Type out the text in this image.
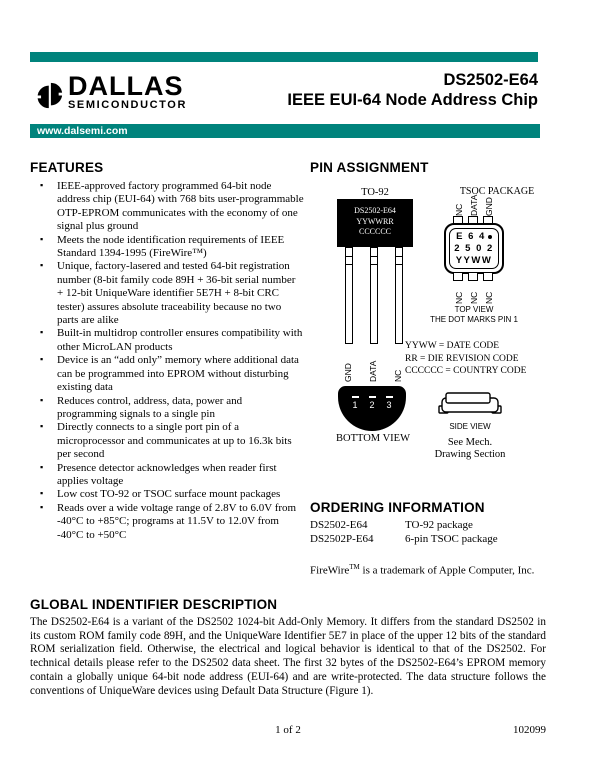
DALLAS
SEMICONDUCTOR
DS2502-E64
IEEE EUI-64 Node Address Chip
www.dalsemi.com
FEATURES
▪ IEEE-approved factory programmed 64-bit node address chip (EUI-64) with 768 bits user-programmable OTP-EPROM communicates with the economy of one signal plus ground
▪ Meets the node identification requirements of IEEE Standard 1394-1995 (FireWire™)
▪ Unique, factory-lasered and tested 64-bit registration number (8-bit family code 89H + 36-bit serial number + 12-bit UniqueWare identifier 5E7H + 8-bit CRC tester) assures absolute traceability because no two parts are alike
▪ Built-in multidrop controller ensures compatibility with other MicroLAN products
▪ Device is an “add only” memory where additional data can be programmed into EPROM without disturbing existing data
▪ Reduces control, address, data, power and programming signals to a single pin
▪ Directly connects to a single port pin of a microprocessor and communicates at up to 16.3k bits per second
▪ Presence detector acknowledges when reader first applies voltage
▪ Low cost TO-92 or TSOC surface mount packages
▪ Reads over a wide voltage range of 2.8V to 6.0V from -40°C to +85°C; programs at 11.5V to 12.0V from -40°C to +50°C
PIN ASSIGNMENT
TO-92
DS2502-E64
YYWWRR
CCCCCC
GND DATA NC
TSOC PACKAGE
NC DATA GND
E 6 4
2 5 0 2
YYWW
NC NC NC
TOP VIEW
THE DOT MARKS PIN 1
YYWW = DATE CODE
RR = DIE REVISION CODE
CCCCCC = COUNTRY CODE
1 2 3
BOTTOM VIEW
SIDE VIEW
See Mech.
Drawing Section
ORDERING INFORMATION
DS2502-E64	TO-92 package
DS2502P-E64	6-pin TSOC package

FireWire™ is a trademark of Apple Computer, Inc.

GLOBAL INDENTIFIER DESCRIPTION

The DS2502-E64 is a variant of the DS2502 1024-bit Add-Only Memory. It differs from the standard DS2502 in its custom ROM family code 89H, and the UniqueWare Identifier 5E7 in place of the upper 12 bits of the standard ROM serialization field. Otherwise, the electrical and logical behavior is identical to that of the DS2502. For technical details please refer to the DS2502 data sheet. The first 32 bytes of the DS2502-E64’s EPROM memory contain a globally unique 64-bit node address (EUI-64) and are write-protected. The data structure follows the conventions of UniqueWare devices using Default Data Structure (Figure 1).

1 of 2	102099
